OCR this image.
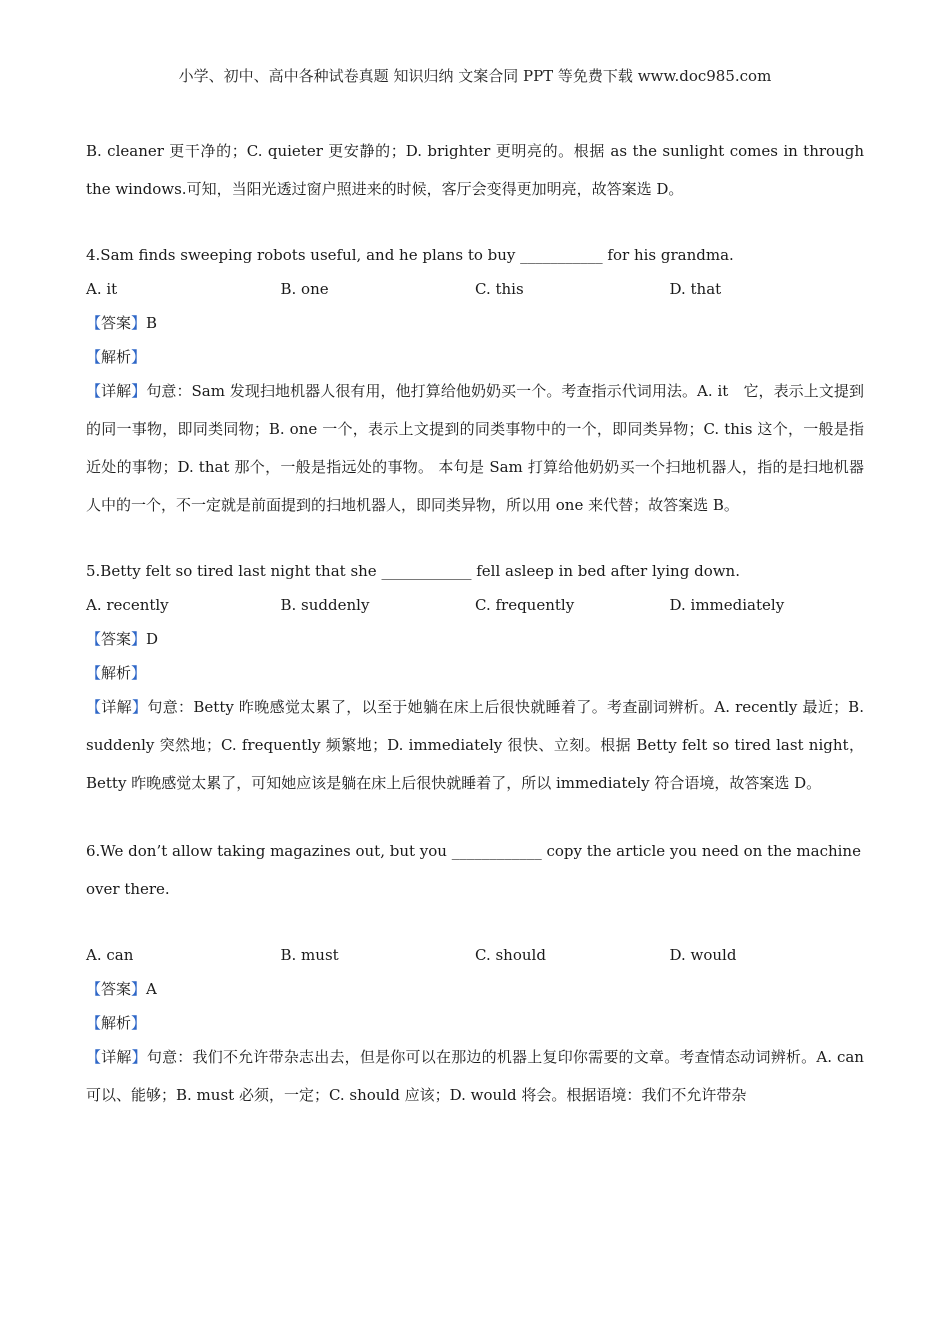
小学、初中、高中各种试卷真题 知识归纳 文案合同 PPT 等免费下载 www.doc985.com
B. cleaner 更干净的；C. quieter 更安静的；D. brighter 更明亮的。根据 as the sunlight comes in through the windows.可知，当阳光透过窗户照进来的时候，客厅会变得更加明亮，故答案选 D。
4.Sam finds sweeping robots useful, and he plans to buy ___________ for his grandma.
A. it	B. one	C. this	D. that
【答案】B
【解析】
【详解】句意：Sam 发现扫地机器人很有用，他打算给他奶奶买一个。考查指示代词用法。A. it　它，表示上文提到的同一事物，即同类同物；B. one 一个，表示上文提到的同类事物中的一个，即同类异物；C. this 这个，一般是指近处的事物；D. that 那个，一般是指远处的事物。 本句是 Sam 打算给他奶奶买一个扫地机器人，指的是扫地机器人中的一个，不一定就是前面提到的扫地机器人，即同类异物，所以用 one 来代替；故答案选 B。
5.Betty felt so tired last night that she ____________ fell asleep in bed after lying down.
A. recently	B. suddenly	C. frequently	D. immediately
【答案】D
【解析】
【详解】句意：Betty 昨晚感觉太累了，以至于她躺在床上后很快就睡着了。考查副词辨析。A. recently 最近；B. suddenly 突然地；C. frequently 频繁地；D. immediately 很快、立刻。根据 Betty felt so tired last night，Betty 昨晚感觉太累了，可知她应该是躺在床上后很快就睡着了，所以 immediately 符合语境，故答案选 D。
6.We don’t allow taking magazines out, but you ____________ copy the article you need on the machine over there.
A. can	B. must	C. should	D. would
【答案】A
【解析】
【详解】句意：我们不允许带杂志出去，但是你可以在那边的机器上复印你需要的文章。考查情态动词辨析。A. can 可以、能够；B. must 必须，一定；C. should 应该；D. would 将会。根据语境：我们不允许带杂
